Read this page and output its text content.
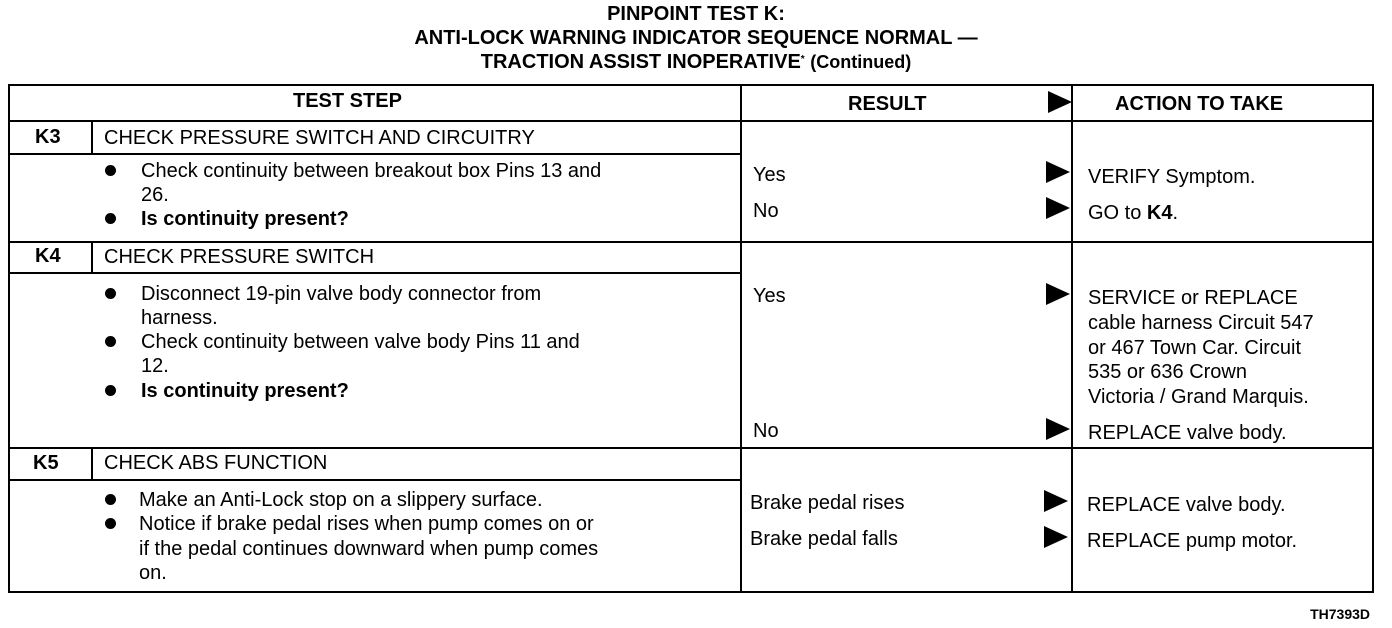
PINPOINT TEST K:
ANTI-LOCK WARNING INDICATOR SEQUENCE NORMAL —
TRACTION ASSIST INOPERATIVE* (Continued)
TEST STEP	RESULT	ACTION TO TAKE
K3 CHECK PRESSURE SWITCH AND CIRCUITRY
Check continuity between breakout box Pins 13 and
26.
Is continuity present?
Yes	VERIFY Symptom.
No	GO to K4.
K4 CHECK PRESSURE SWITCH
Disconnect 19-pin valve body connector from
harness.
Check continuity between valve body Pins 11 and
12.
Is continuity present?
Yes	SERVICE or REPLACE
cable harness Circuit 547
or 467 Town Car. Circuit
535 or 636 Crown
Victoria / Grand Marquis.
No	REPLACE valve body.
K5 CHECK ABS FUNCTION
Make an Anti-Lock stop on a slippery surface.
Notice if brake pedal rises when pump comes on or
if the pedal continues downward when pump comes
on.
Brake pedal rises	REPLACE valve body.
Brake pedal falls	REPLACE pump motor.
TH7393D
